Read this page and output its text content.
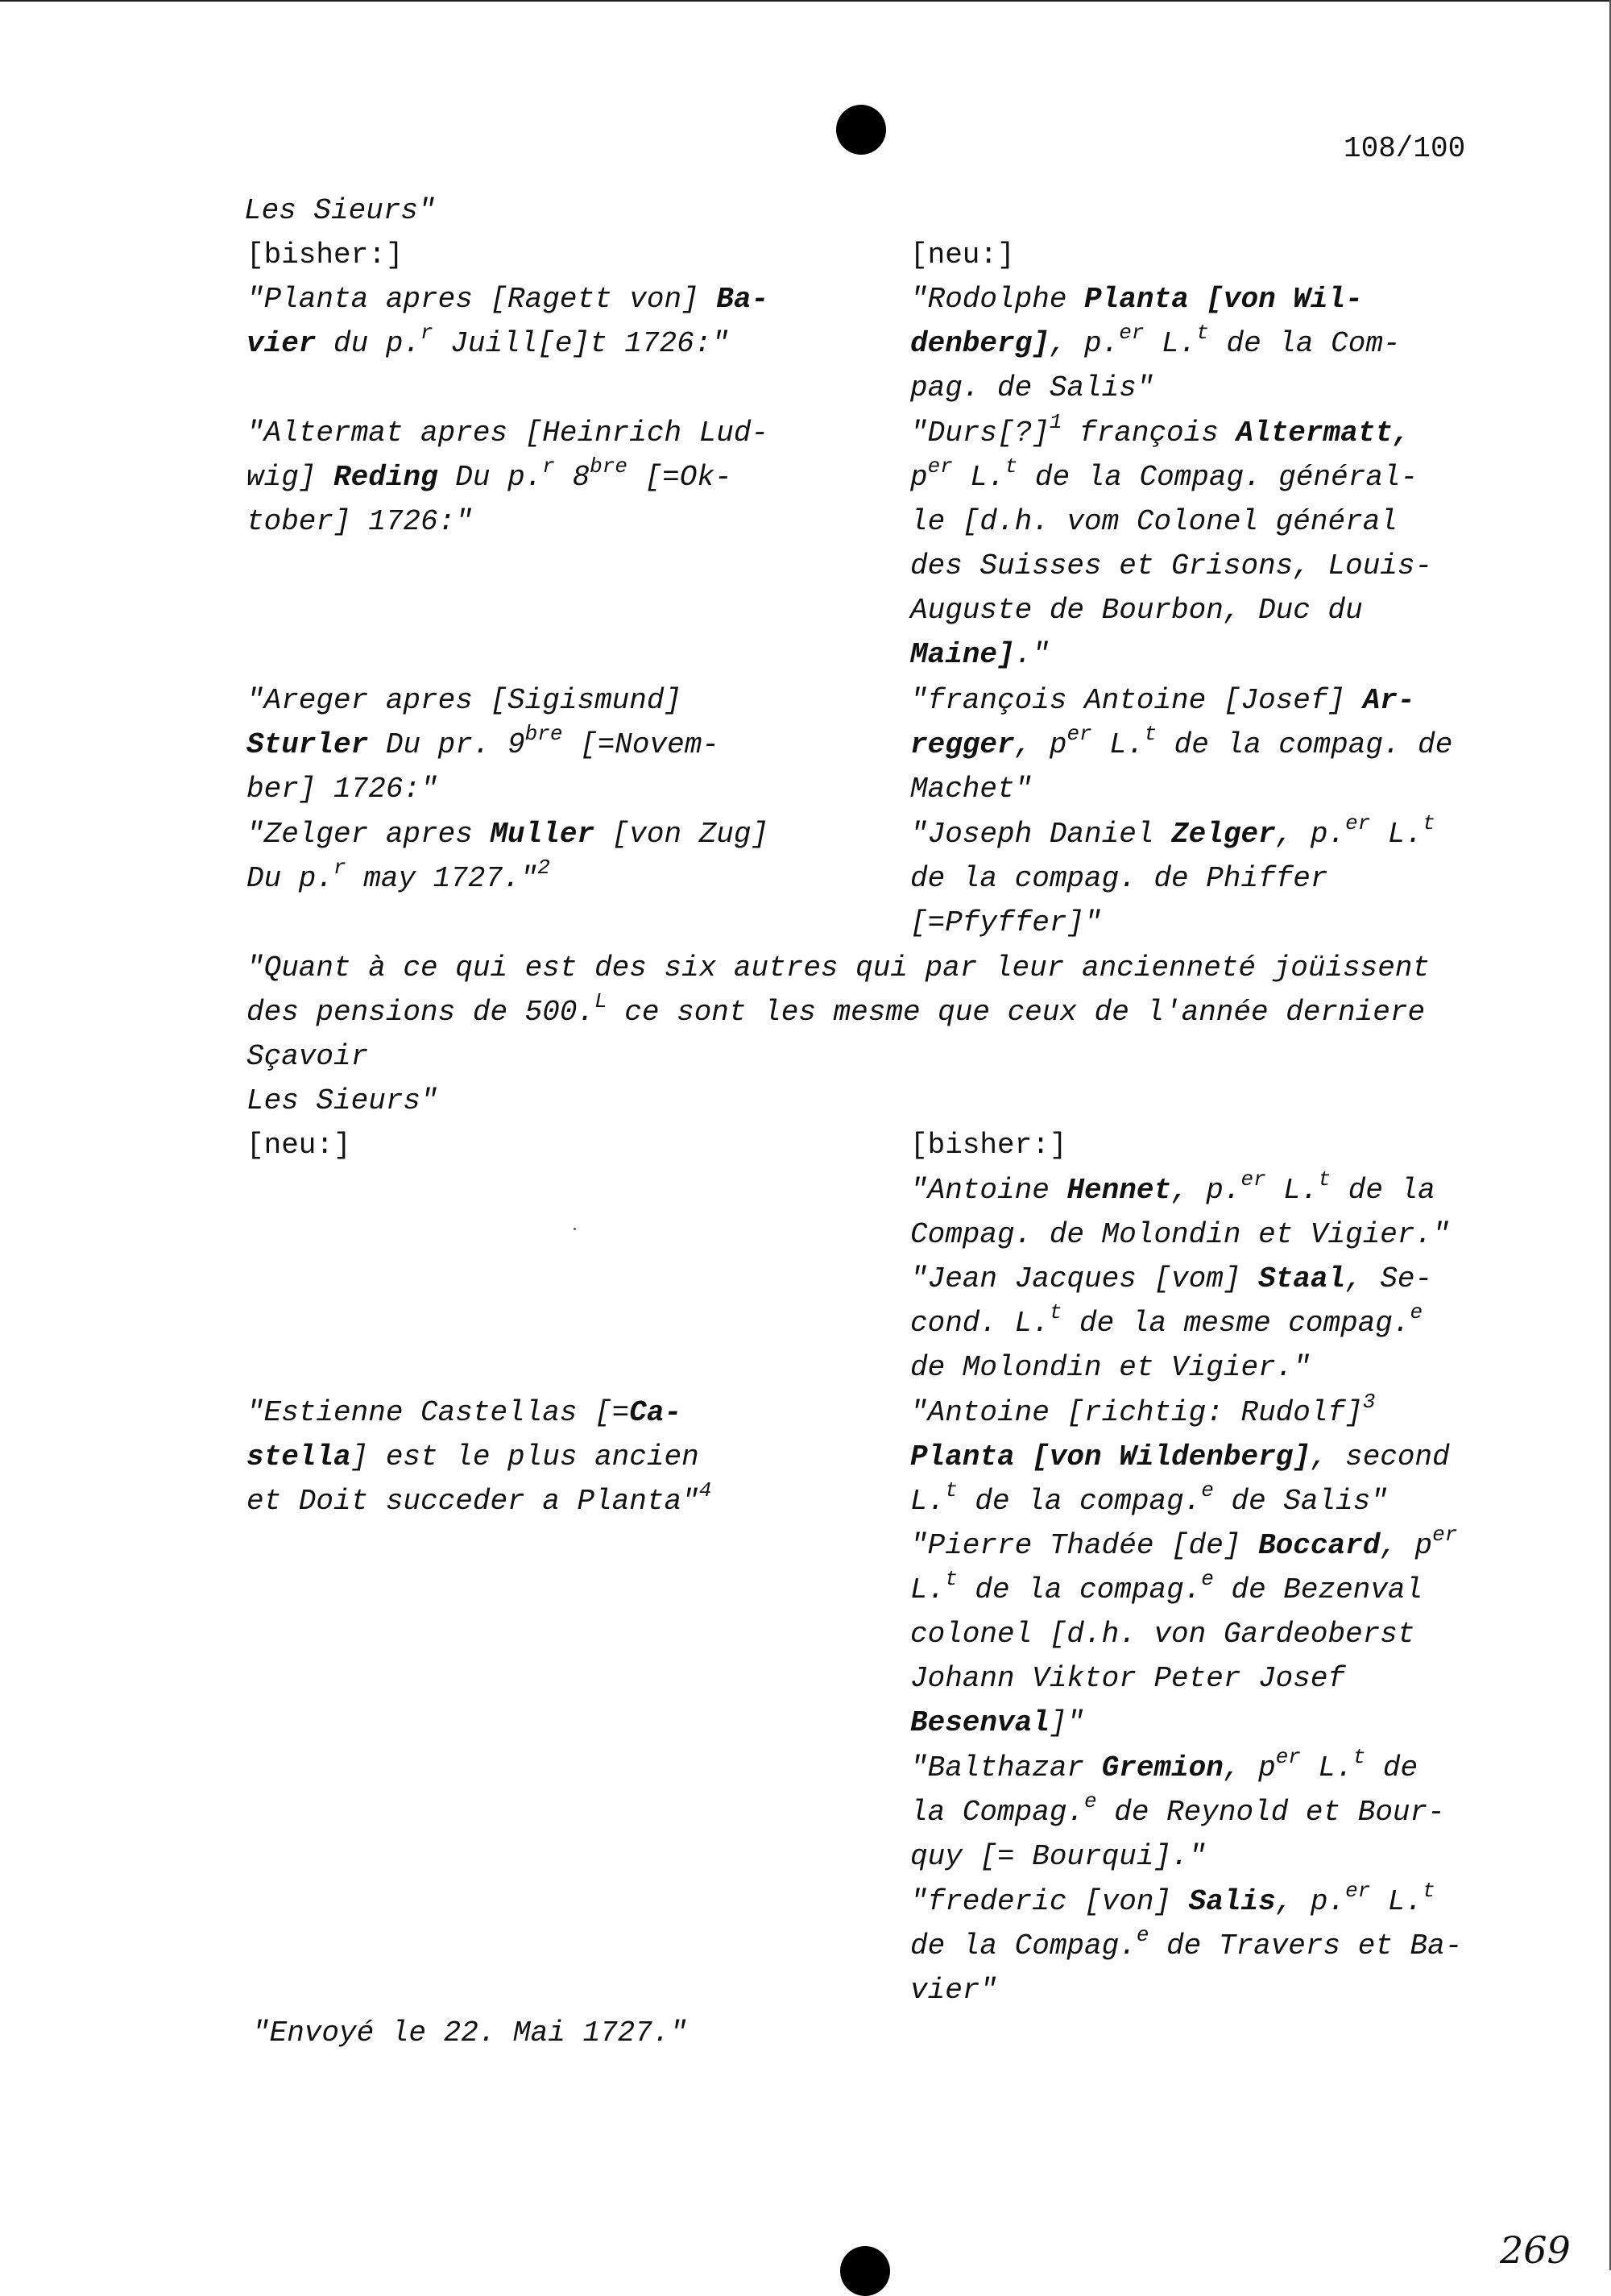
108/100
Les Sieurs"
[bisher:]	[neu:]
"Planta apres [Ragett von] Ba-
vier du p.$^r$ Juill[e]t 1726:"
"Rodolphe Planta [von Wil-
denberg], p.$^{er}$ L.$^t$ de la Com-
pag. de Salis"
"Altermat apres [Heinrich Lud-
wig] Reding Du p.$^r$ $8^{bre}$ [=Ok-
tober] 1726:"
"Durs[?]$^1$ françois Altermatt,
$p^{er}$ L.$^t$ de la Compag. général-
le [d.h. vom Colonel général
des Suisses et Grisons, Louis-
Auguste de Bourbon, Duc du
Maine]."
"Areger apres [Sigismund]
Sturler Du pr. $9^{bre}$ [=Novem-
ber] 1726:"
"françois Antoine [Josef] Ar-
regger, $p^{er}$ L.$^t$ de la compag. de
Machet"
"Zelger apres Muller [von Zug]
Du p.$^r$ may 1727."$^2$
"Joseph Daniel Zelger, p.$^{er}$ L.$^t$
de la compag. de Phiffer
[=Pfyffer]"
"Quant à ce qui est des six autres qui par leur ancienneté joüissent
des pensions de 500.$^L$ ce sont les mesme que ceux de l'année derniere
Sçavoir
Les Sieurs"
[neu:]	[bisher:]
"Antoine Hennet, p.$^{er}$ L.$^t$ de la
Compag. de Molondin et Vigier."
"Jean Jacques [vom] Staal, Se-
cond. L.$^t$ de la mesme compag.$^e$
de Molondin et Vigier."
"Estienne Castellas [=Ca-
stella] est le plus ancien
et Doit succeder a Planta"$^4$
"Antoine [richtig: Rudolf]$^3$
Planta [von Wildenberg], second
L.$^t$ de la compag.$^e$ de Salis"
"Pierre Thadée [de] Boccard, $p^{er}$
L.$^t$ de la compag.$^e$ de Bezenval
colonel [d.h. von Gardeoberst
Johann Viktor Peter Josef
Besenval]"
"Balthazar Gremion, $p^{er}$ L.$^t$ de
la Compag.$^e$ de Reynold et Bour-
quy [= Bourqui]."
"frederic [von] Salis, p.$^{er}$ L.$^t$
de la Compag.$^e$ de Travers et Ba-
vier"
"Envoyé le 22. Mai 1727."
269
